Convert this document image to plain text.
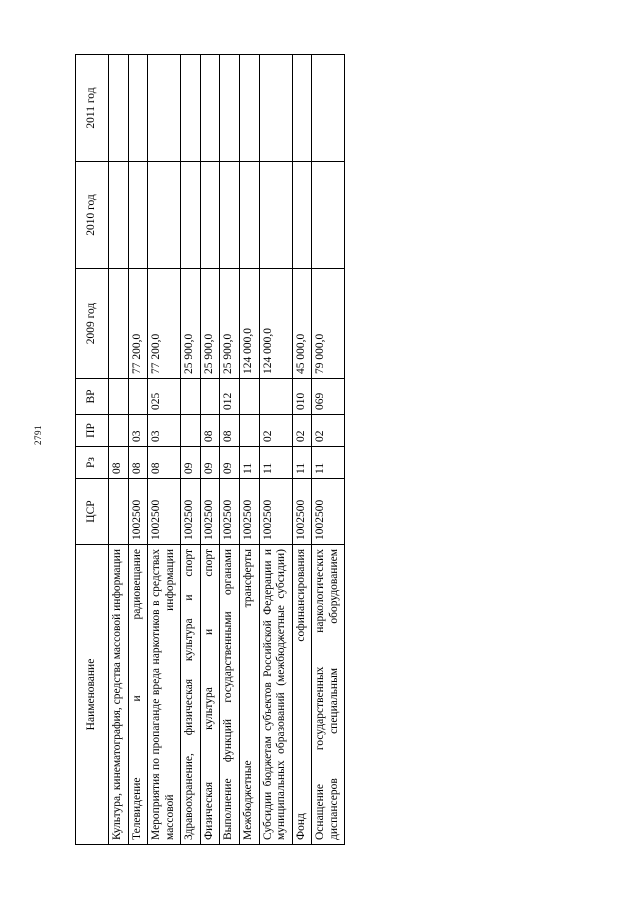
2791
Наименование	ЦСР	Рз	ПР	ВР	2009 год	2010 год	2011 год
Культура, кинематография, средства массовой информации		08					
Телевидение и радиовещание	1002500	08	03		77 200,0		
Мероприятия по пропаганде вреда наркотиков в средствах массовой информации	1002500	08	03	025	77 200,0		
Здравоохранение, физическая культура и спорт	1002500	09			25 900,0		
Физическая культура и спорт	1002500	09	08		25 900,0		
Выполнение функций государственными органами	1002500	09	08	012	25 900,0		
Межбюджетные трансферты	1002500	11			124 000,0		
Субсидии бюджетам субъектов Российской Федерации и муниципальных образований (межбюджетные субсидии)	1002500	11	02		124 000,0		
Фонд софинансирования	1002500	11	02	010	45 000,0		
Оснащение государственных наркологических диспансеров специальным оборудованием	1002500	11	02	069	79 000,0		
